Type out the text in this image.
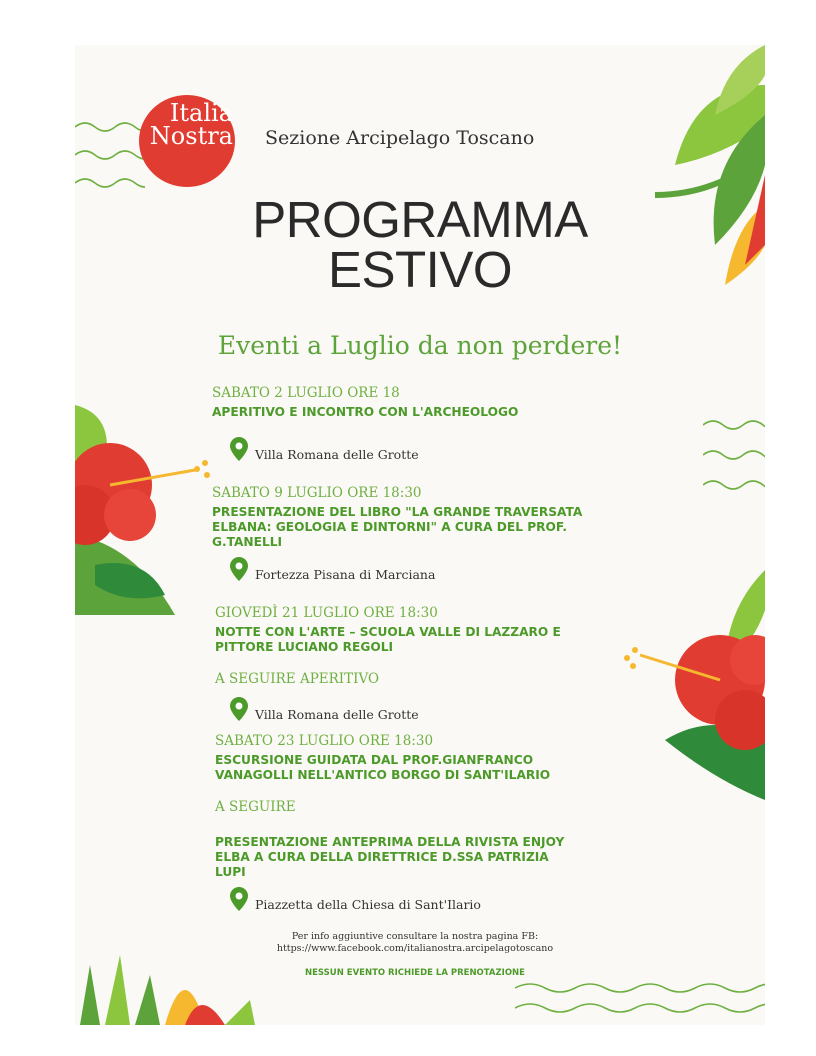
Italia
Nostra Sezione Arcipelago Toscano
PROGRAMMA
ESTIVO
Eventi a Luglio da non perdere!
SABATO 2 LUGLIO ORE 18
APERITIVO E INCONTRO CON L'ARCHEOLOGO
Villa Romana delle Grotte
SABATO 9 LUGLIO ORE 18:30
PRESENTAZIONE DEL LIBRO "LA GRANDE TRAVERSATA
ELBANA: GEOLOGIA E DINTORNI" A CURA DEL PROF.
G.TANELLI
Fortezza Pisana di Marciana
GIOVEDÌ 21 LUGLIO ORE 18:30
NOTTE CON L'ARTE – SCUOLA VALLE DI LAZZARO E
PITTORE LUCIANO REGOLI
A SEGUIRE APERITIVO
Villa Romana delle Grotte
SABATO 23 LUGLIO ORE 18:30
ESCURSIONE GUIDATA DAL PROF.GIANFRANCO
VANAGOLLI NELL'ANTICO BORGO DI SANT'ILARIO
A SEGUIRE
PRESENTAZIONE ANTEPRIMA DELLA RIVISTA ENJOY
ELBA A CURA DELLA DIRETTRICE D.SSA PATRIZIA
LUPI
Piazzetta della Chiesa di Sant'Ilario
Per info aggiuntive consultare la nostra pagina FB:
https://www.facebook.com/italianostra.arcipelagotoscano
NESSUN EVENTO RICHIEDE LA PRENOTAZIONE
